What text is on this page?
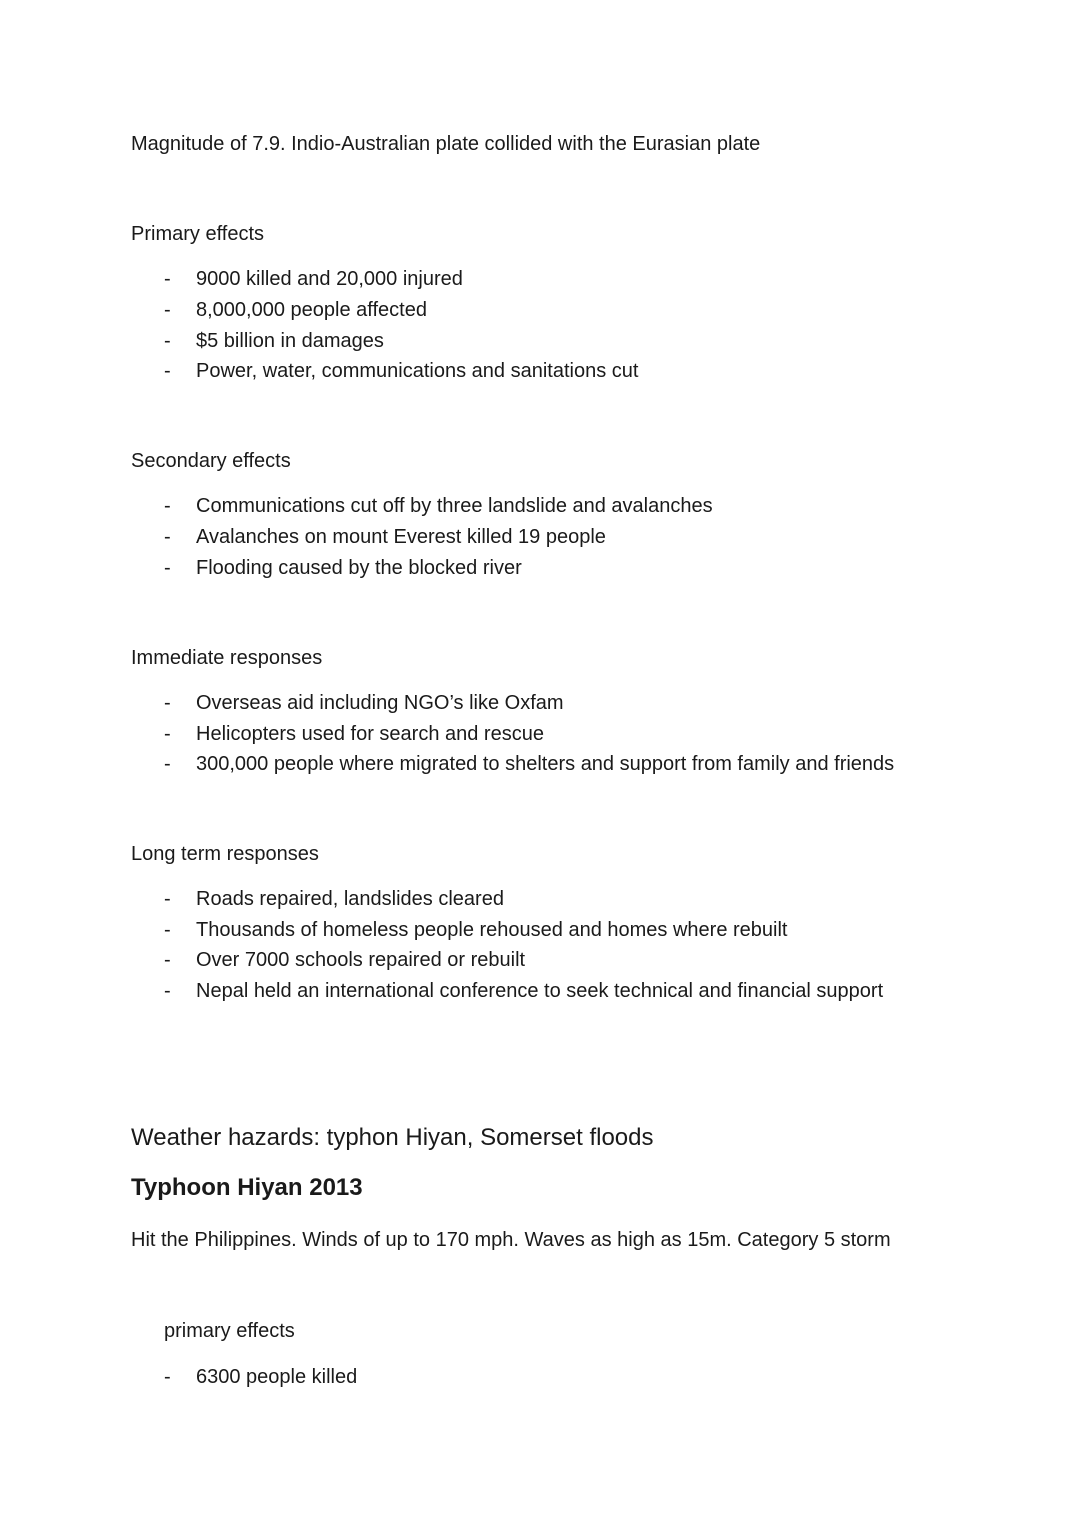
Magnitude of 7.9. Indio-Australian plate collided with the Eurasian plate
Primary effects
- 9000 killed and 20,000 injured
- 8,000,000 people affected
- $5 billion in damages
- Power, water, communications and sanitations cut
Secondary effects
- Communications cut off by three landslide and avalanches
- Avalanches on mount Everest killed 19 people
- Flooding caused by the blocked river
Immediate responses
- Overseas aid including NGO’s like Oxfam
- Helicopters used for search and rescue
- 300,000 people where migrated to shelters and support from family and friends
Long term responses
- Roads repaired, landslides cleared
- Thousands of homeless people rehoused and homes where rebuilt
- Over 7000 schools repaired or rebuilt
- Nepal held an international conference to seek technical and financial support
Weather hazards: typhon Hiyan, Somerset floods
Typhoon Hiyan 2013
Hit the Philippines. Winds of up to 170 mph. Waves as high as 15m. Category 5 storm
primary effects
- 6300 people killed
